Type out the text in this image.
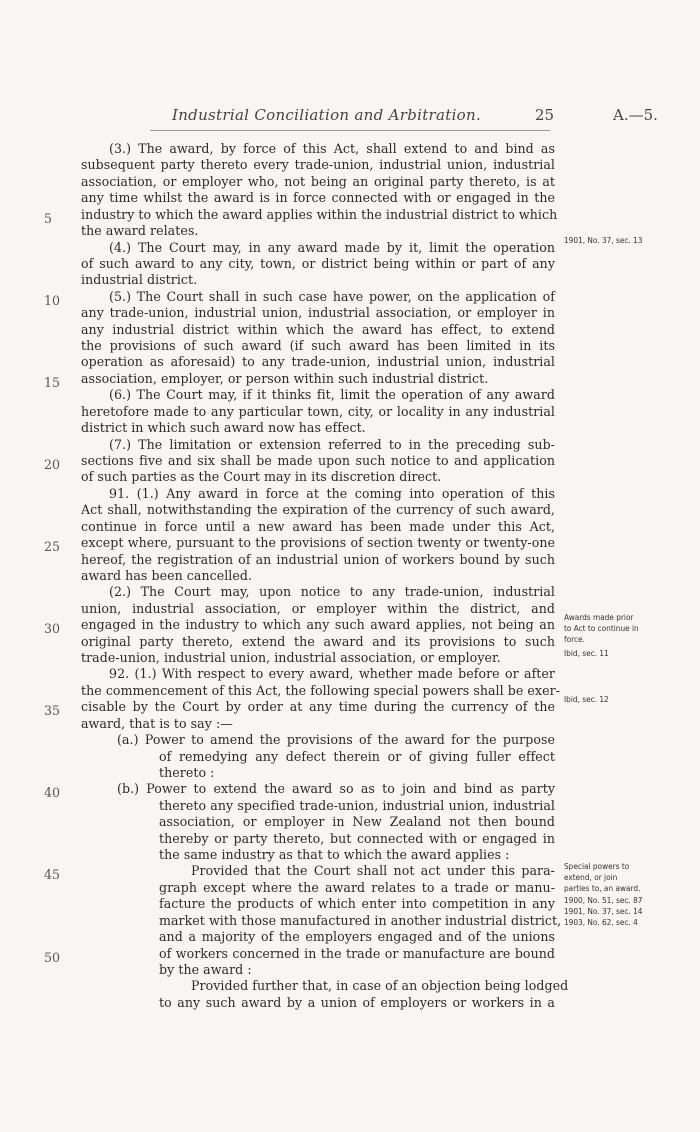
Industrial Conciliation and Arbitration.	25	A.—5.
(3.) The award, by force of this Act, shall extend to and bind as
subsequent party thereto every trade-union, industrial union, industrial
association, or employer who, not being an original party thereto, is at
any time whilst the award is in force connected with or engaged in the
industry to which the award applies within the industrial district to which
the award relates.
(4.) The Court may, in any award made by it, limit the operation
of such award to any city, town, or district being within or part of any
industrial district.
(5.) The Court shall in such case have power, on the application of
any trade-union, industrial union, industrial association, or employer in
any industrial district within which the award has effect, to extend
the provisions of such award (if such award has been limited in its
operation as aforesaid) to any trade-union, industrial union, industrial
association, employer, or person within such industrial district.
(6.) The Court may, if it thinks fit, limit the operation of any award
heretofore made to any particular town, city, or locality in any industrial
district in which such award now has effect.
(7.) The limitation or extension referred to in the preceding sub-
sections five and six shall be made upon such notice to and application
of such parties as the Court may in its discretion direct.
91. (1.) Any award in force at the coming into operation of this
Act shall, notwithstanding the expiration of the currency of such award,
continue in force until a new award has been made under this Act,
except where, pursuant to the provisions of section twenty or twenty-one
hereof, the registration of an industrial union of workers bound by such
award has been cancelled.
(2.) The Court may, upon notice to any trade-union, industrial
union, industrial association, or employer within the district, and
engaged in the industry to which any such award applies, not being an
original party thereto, extend the award and its provisions to such
trade-union, industrial union, industrial association, or employer.
92. (1.) With respect to every award, whether made before or after
the commencement of this Act, the following special powers shall be exer-
cisable by the Court by order at any time during the currency of the
award, that is to say :—
(a.) Power to amend the provisions of the award for the purpose
of remedying any defect therein or of giving fuller effect
thereto :
(b.) Power to extend the award so as to join and bind as party
thereto any specified trade-union, industrial union, industrial
association, or employer in New Zealand not then bound
thereby or party thereto, but connected with or engaged in
the same industry as that to which the award applies :
Provided that the Court shall not act under this para-
graph except where the award relates to a trade or manu-
facture the products of which enter into competition in any
market with those manufactured in another industrial district,
and a majority of the employers engaged and of the unions
of workers concerned in the trade or manufacture are bound
by the award :
Provided further that, in case of an objection being lodged
to any such award by a union of employers or workers in a
5
10
15
20
25
30
35
40
45
50
1901, No. 37, sec. 13
Awards made prior
to Act to continue in
force.
Ibid, sec. 11
Ibid, sec. 12
Special powers to
extend, or join
parties to, an award.
1900, No. 51, sec. 87
1901, No. 37, sec. 14
1903, No. 62, sec. 4
